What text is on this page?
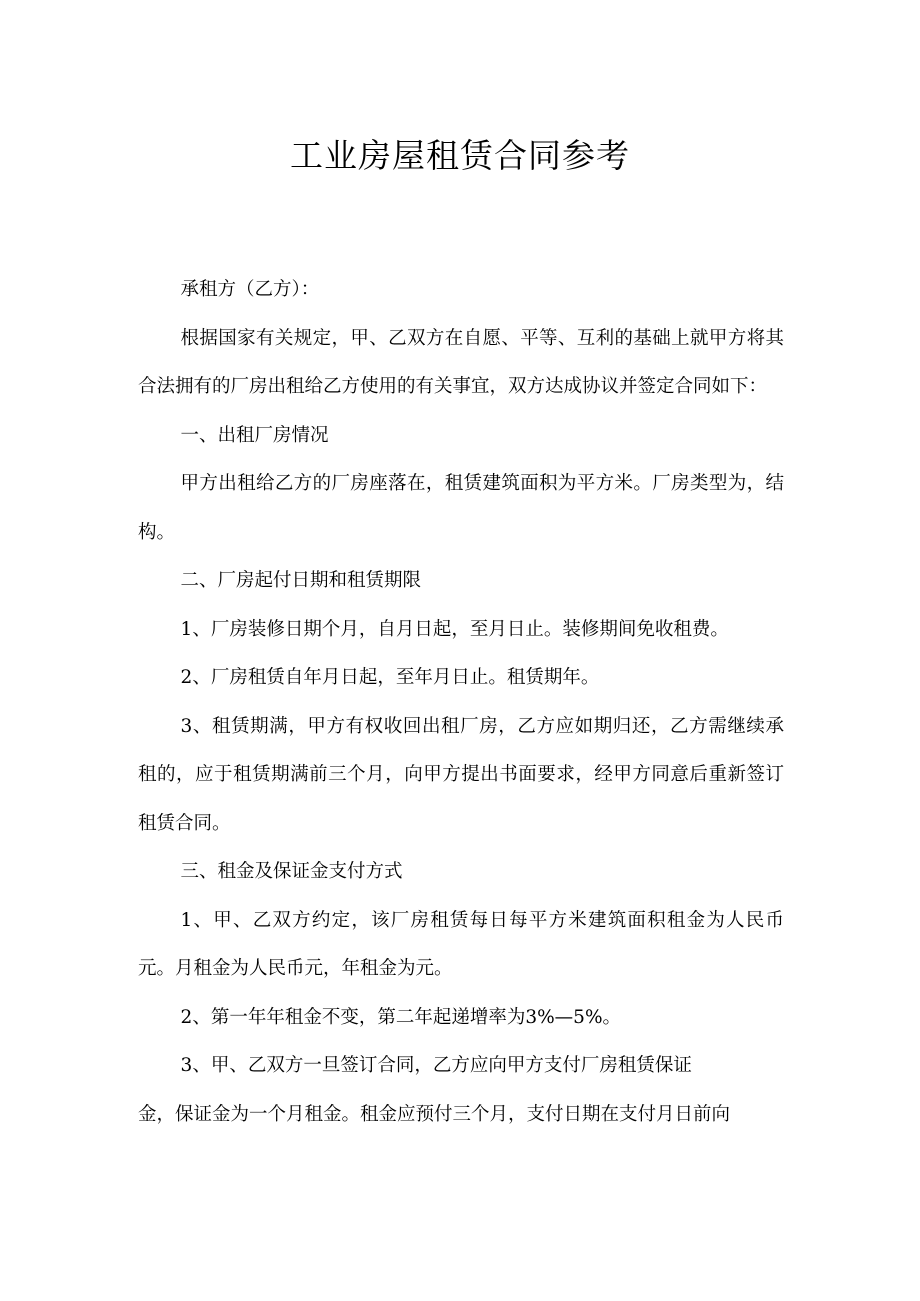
工业房屋租赁合同参考

承租方（乙方）：

根据国家有关规定，甲、乙双方在自愿、平等、互利的基础上就甲方将其合法拥有的厂房出租给乙方使用的有关事宜，双方达成协议并签定合同如下：

一、出租厂房情况

甲方出租给乙方的厂房座落在，租赁建筑面积为平方米。厂房类型为，结构。

二、厂房起付日期和租赁期限

1、厂房装修日期个月，自月日起，至月日止。装修期间免收租费。

2、厂房租赁自年月日起，至年月日止。租赁期年。

3、租赁期满，甲方有权收回出租厂房，乙方应如期归还，乙方需继续承租的，应于租赁期满前三个月，向甲方提出书面要求，经甲方同意后重新签订租赁合同。

三、租金及保证金支付方式

1、甲、乙双方约定，该厂房租赁每日每平方米建筑面积租金为人民币元。月租金为人民币元，年租金为元。

2、第一年年租金不变，第二年起递增率为3%—5%。

3、甲、乙双方一旦签订合同，乙方应向甲方支付厂房租赁保证

金，保证金为一个月租金。租金应预付三个月，支付日期在支付月日前向
